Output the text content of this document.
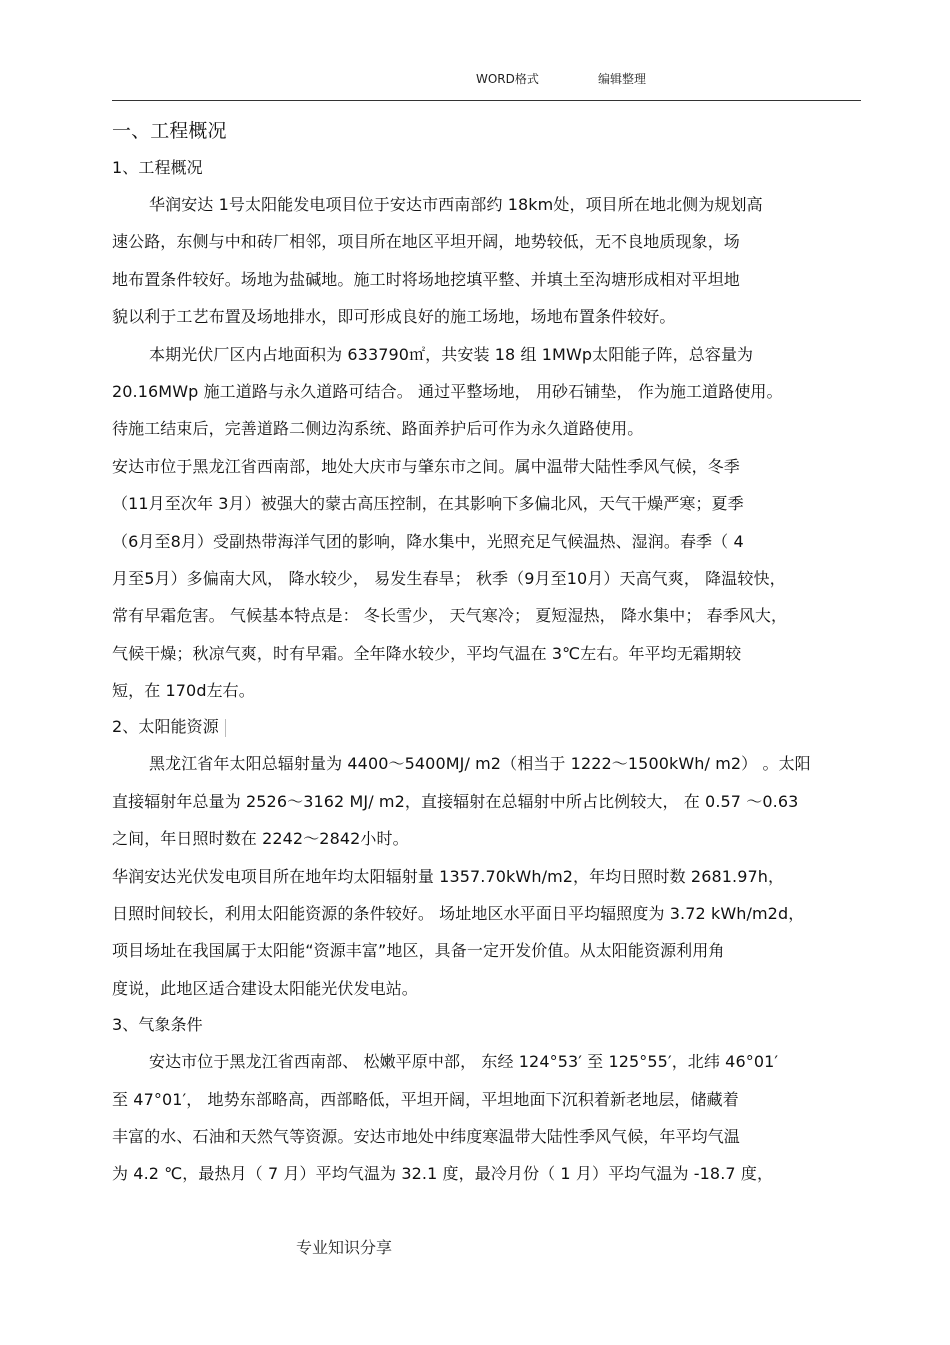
WORD格式	编辑整理
一、工程概况
1、工程概况
华润安达 1号太阳能发电项目位于安达市西南部约 18km处，项目所在地北侧为规划高
速公路，东侧与中和砖厂相邻，项目所在地区平坦开阔，地势较低，无不良地质现象，场
地布置条件较好。场地为盐碱地。施工时将场地挖填平整、并填土至沟塘形成相对平坦地
貌以利于工艺布置及场地排水，即可形成良好的施工场地，场地布置条件较好。
本期光伏厂区内占地面积为 633790㎡，共安装 18 组 1MWp太阳能子阵，总容量为
20.16MWp 施工道路与永久道路可结合。 通过平整场地， 用砂石铺垫， 作为施工道路使用。
待施工结束后，完善道路二侧边沟系统、路面养护后可作为永久道路使用。
安达市位于黑龙江省西南部，地处大庆市与肇东市之间。属中温带大陆性季风气候，冬季
（11月至次年 3月）被强大的蒙古高压控制，在其影响下多偏北风，天气干燥严寒；夏季
（6月至8月）受副热带海洋气团的影响，降水集中，光照充足气候温热、湿润。春季（ 4
月至5月）多偏南大风， 降水较少， 易发生春旱； 秋季（9月至10月）天高气爽， 降温较快，
常有早霜危害。 气候基本特点是： 冬长雪少， 天气寒冷； 夏短湿热， 降水集中； 春季风大，
气候干燥；秋凉气爽，时有早霜。全年降水较少，平均气温在 3℃左右。年平均无霜期较
短，在 170d左右。
2、太阳能资源
黑龙江省年太阳总辐射量为 4400～5400MJ/ m2（相当于 1222～1500kWh/ m2） 。太阳
直接辐射年总量为 2526～3162 MJ/ m2，直接辐射在总辐射中所占比例较大， 在 0.57 ～0.63
之间，年日照时数在 2242～2842小时。
华润安达光伏发电项目所在地年均太阳辐射量 1357.70kWh/m2，年均日照时数 2681.97h，
日照时间较长，利用太阳能资源的条件较好。 场址地区水平面日平均辐照度为 3.72 kWh/m2d，
项目场址在我国属于太阳能“资源丰富”地区，具备一定开发价值。从太阳能资源利用角
度说，此地区适合建设太阳能光伏发电站。
3、气象条件
安达市位于黑龙江省西南部、 松嫩平原中部， 东经 124°53′ 至 125°55′，北纬 46°01′
至 47°01′， 地势东部略高，西部略低，平坦开阔，平坦地面下沉积着新老地层，储藏着
丰富的水、石油和天然气等资源。安达市地处中纬度寒温带大陆性季风气候，年平均气温
为 4.2 ℃，最热月（ 7 月）平均气温为 32.1 度，最冷月份（ 1 月）平均气温为 -18.7 度，
专业知识分享
